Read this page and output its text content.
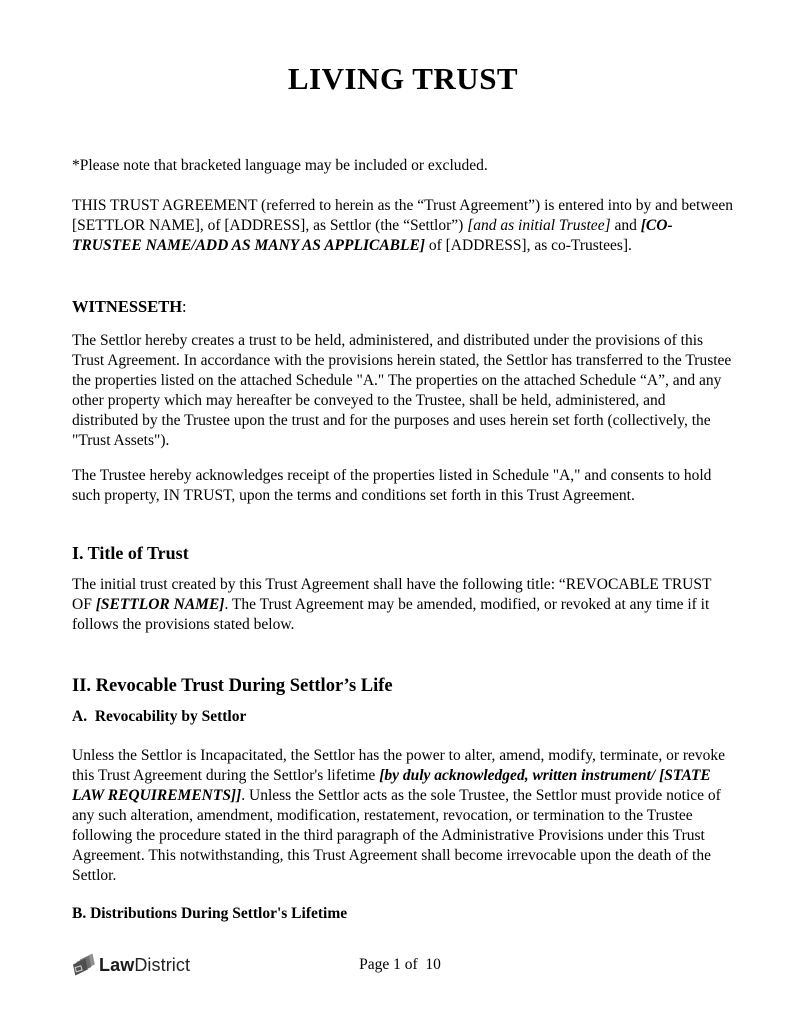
LIVING TRUST

*Please note that bracketed language may be included or excluded.

THIS TRUST AGREEMENT (referred to herein as the “Trust Agreement”) is entered into by and between [SETTLOR NAME], of [ADDRESS], as Settlor (the “Settlor”) [and as initial Trustee] and [CO-TRUSTEE NAME/ADD AS MANY AS APPLICABLE] of [ADDRESS], as co-Trustees].

WITNESSETH:

The Settlor hereby creates a trust to be held, administered, and distributed under the provisions of this Trust Agreement. In accordance with the provisions herein stated, the Settlor has transferred to the Trustee the properties listed on the attached Schedule "A." The properties on the attached Schedule “A”, and any other property which may hereafter be conveyed to the Trustee, shall be held, administered, and distributed by the Trustee upon the trust and for the purposes and uses herein set forth (collectively, the "Trust Assets").

The Trustee hereby acknowledges receipt of the properties listed in Schedule "A," and consents to hold such property, IN TRUST, upon the terms and conditions set forth in this Trust Agreement.

I. Title of Trust

The initial trust created by this Trust Agreement shall have the following title: “REVOCABLE TRUST OF [SETTLOR NAME]. The Trust Agreement may be amended, modified, or revoked at any time if it follows the provisions stated below.

II. Revocable Trust During Settlor’s Life
A.  Revocability by Settlor

Unless the Settlor is Incapacitated, the Settlor has the power to alter, amend, modify, terminate, or revoke this Trust Agreement during the Settlor's lifetime [by duly acknowledged, written instrument/ [STATE LAW REQUIREMENTS]]. Unless the Settlor acts as the sole Trustee, the Settlor must provide notice of any such alteration, amendment, modification, restatement, revocation, or termination to the Trustee following the procedure stated in the third paragraph of the Administrative Provisions under this Trust Agreement. This notwithstanding, this Trust Agreement shall become irrevocable upon the death of the Settlor.

B. Distributions During Settlor's Lifetime
LawDistrict	Page 1 of  10
